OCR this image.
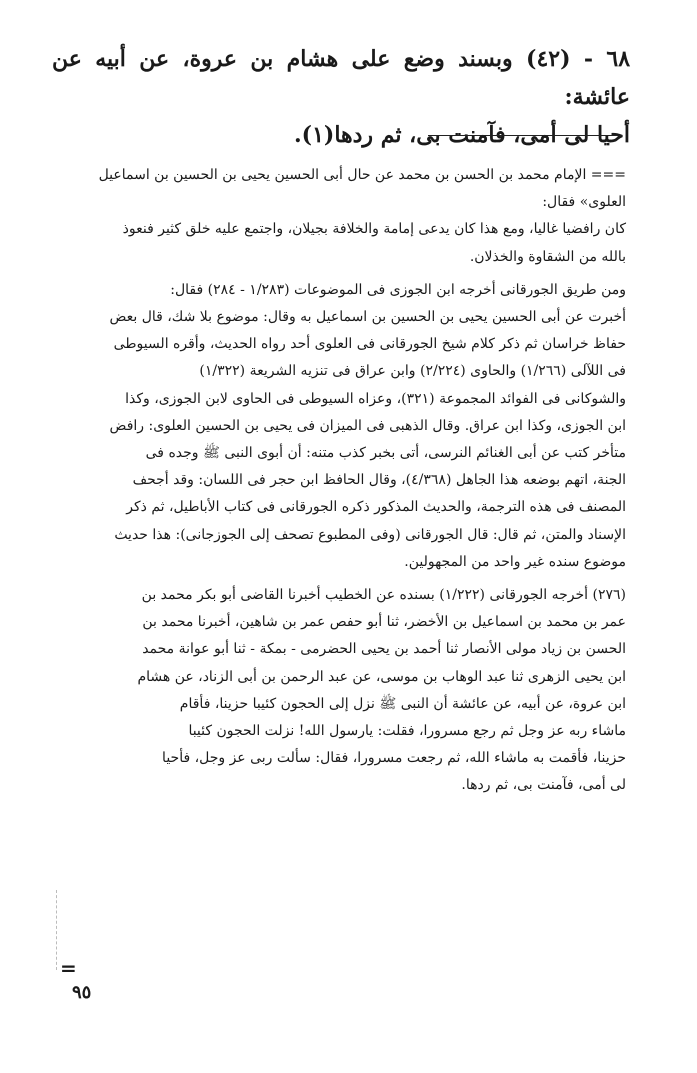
٦٨ - (٤٢) وبسند وضع على هشام بن عروة، عن أبيه عن عائشة:
أحيا لى أمى، فآمنت بى، ثم ردها(١).

=== الإمام محمد بن الحسن بن محمد عن حال أبى الحسين يحيى بن الحسين بن اسماعيل

العلوى» فقال:

كان رافضيا غاليا، ومع هذا كان يدعى إمامة والخلافة بجيلان، واجتمع عليه خلق كثير فنعوذ

بالله من الشقاوة والخذلان.

ومن طريق الجورقانى أخرجه ابن الجوزى فى الموضوعات (١/٢٨٣ - ٢٨٤) فقال:

أخبرت عن أبى الحسين يحيى بن الحسين بن اسماعيل به وقال: موضوع بلا شك، قال بعض

حفاظ خراسان ثم ذكر كلام شيخ الجورقانى فى العلوى أحد رواه الحديث، وأقره السيوطى

فى اللآلى (١/٢٦٦) والحاوى (٢/٢٢٤) وابن عراق فى تنزيه الشريعة (١/٣٢٢)

والشوكانى فى الفوائد المجموعة (٣٢١)، وعزاه السيوطى فى الحاوى لابن الجوزى، وكذا

ابن الجوزى، وكذا ابن عراق. وقال الذهبى فى الميزان فى يحيى بن الحسين العلوى: رافض

متأخر كتب عن أبى الغنائم النرسى، أتى بخبر كذب متنه: أن أبوى النبى ﷺ وجده فى

الجنة، اتهم بوضعه هذا الجاهل (٤/٣٦٨)، وقال الحافظ ابن حجر فى اللسان: وقد أجحف

المصنف فى هذه الترجمة، والحديث المذكور ذكره الجورقانى فى كتاب الأباطيل، ثم ذكر

الإسناد والمتن، ثم قال: قال الجورقانى (وفى المطبوع تصحف إلى الجوزجانى): هذا حديث

موضوع سنده غير واحد من المجهولين.

(٢٧٦) أخرجه الجورقانى (١/٢٢٢) بسنده عن الخطيب أخبرنا القاضى أبو بكر محمد بن

عمر بن محمد بن اسماعيل بن الأخضر، ثنا أبو حفص عمر بن شاهين، أخبرنا محمد بن

الحسن بن زياد مولى الأنصار ثنا أحمد بن يحيى الحضرمى - بمكة - ثنا أبو عوانة محمد

ابن يحيى الزهرى ثنا عبد الوهاب بن موسى، عن عبد الرحمن بن أبى الزناد، عن هشام

ابن عروة، عن أبيه، عن عائشة أن النبى ﷺ نزل إلى الحجون كئيبا حزينا، فأقام

ماشاء ربه عز وجل ثم رجع مسرورا، فقلت: يارسول الله! نزلت الحجون كئيبا

حزينا، فأقمت به ماشاء الله، ثم رجعت مسرورا، فقال: سألت ربى عز وجل، فأحيا

لى أمى، فآمنت بى، ثم ردها.

=
٩٥
